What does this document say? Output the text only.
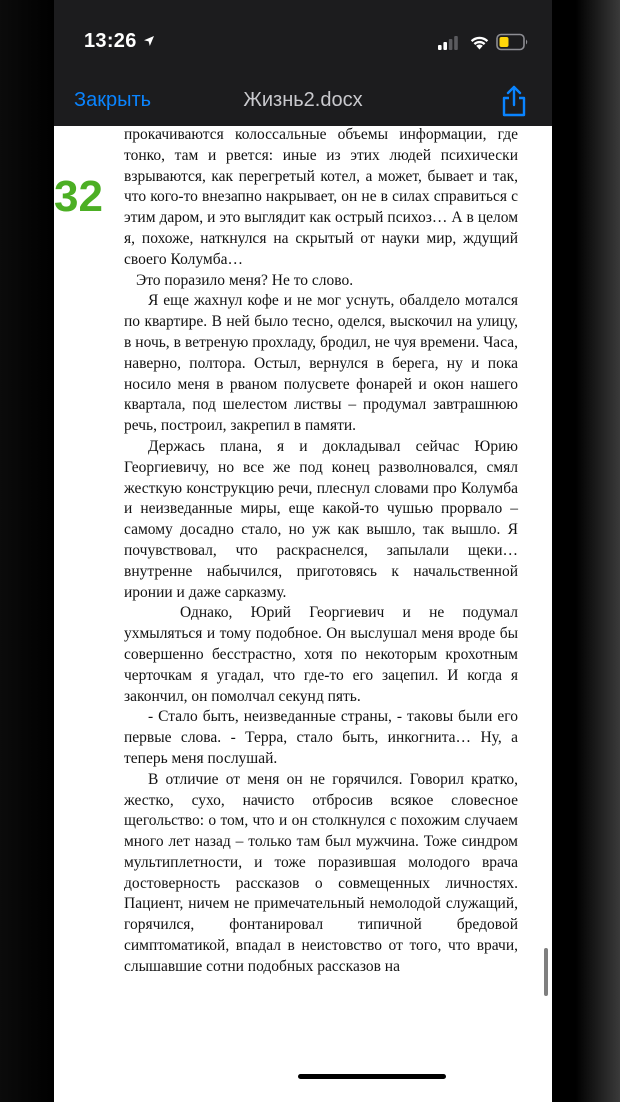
13:26
Закрыть	Жизнь2.docx
32

прокачиваются колоссальные объемы информации, где тонко, там и рвется: иные из этих людей психически взрываются, как перегретый котел, а может, бывает и так, что кого-то внезапно накрывает, он не в силах справиться с этим даром, и это выглядит как острый психоз… А в целом я, похоже, наткнулся на скрытый от науки мир, ждущий своего Колумба…

Это поразило меня? Не то слово.

Я еще жахнул кофе и не мог уснуть, обалдело мотался по квартире. В ней было тесно, оделся, выскочил на улицу, в ночь, в ветреную прохладу, бродил, не чуя времени. Часа, наверно, полтора. Остыл, вернулся в берега, ну и пока носило меня в рваном полусвете фонарей и окон нашего квартала, под шелестом листвы – продумал завтрашнюю речь, построил, закрепил в памяти.

Держась плана, я и докладывал сейчас Юрию Георгиевичу, но все же под конец разволновался, смял жесткую конструкцию речи, плеснул словами про Колумба и неизведанные миры, еще какой-то чушью прорвало – самому досадно стало, но уж как вышло, так вышло. Я почувствовал, что раскраснелся, запылали щеки… внутренне набычился, приготовясь к начальственной иронии и даже сарказму.

Однако, Юрий Георгиевич и не подумал ухмыляться и тому подобное. Он выслушал меня вроде бы совершенно бесстрастно, хотя по некоторым крохотным черточкам я угадал, что где-то его зацепил. И когда я закончил, он помолчал секунд пять.

- Стало быть, неизведанные страны, - таковы были его первые слова. - Терра, стало быть, инкогнита… Ну, а теперь меня послушай.

В отличие от меня он не горячился. Говорил кратко, жестко, сухо, начисто отбросив всякое словесное щегольство: о том, что и он столкнулся с похожим случаем много лет назад – только там был мужчина. Тоже синдром мультиплетности, и тоже поразившая молодого врача достоверность рассказов о совмещенных личностях. Пациент, ничем не примечательный немолодой служащий, горячился, фонтанировал типичной бредовой симптоматикой, впадал в неистовство от того, что врачи, слышавшие сотни подобных рассказов на
